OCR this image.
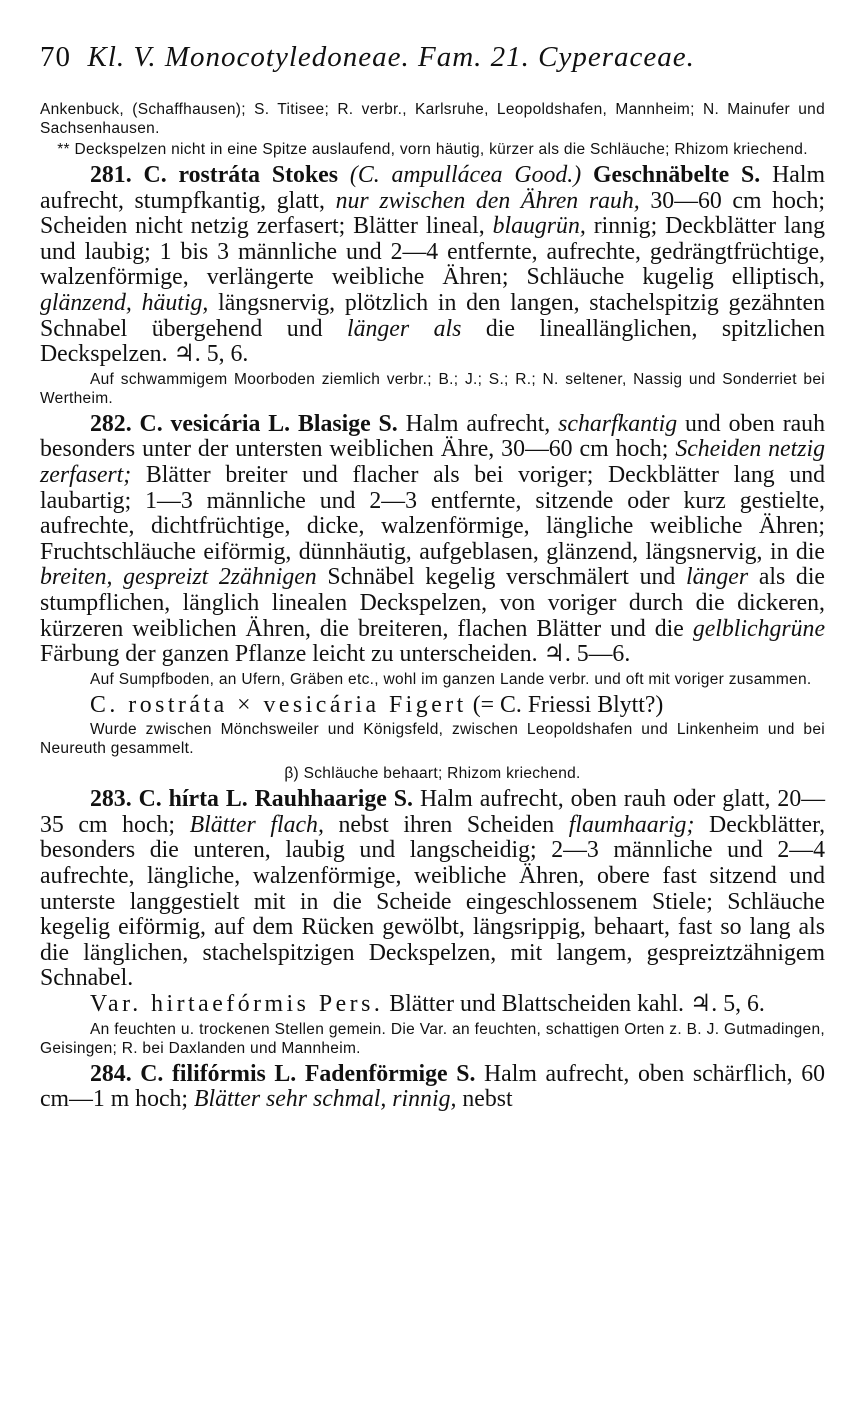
70 Kl. V. Monocotyledoneae. Fam. 21. Cyperaceae.

Ankenbuck, (Schaffhausen); S. Titisee; R. verbr., Karlsruhe, Leopoldshafen, Mannheim; N. Mainufer und Sachsenhausen.

** Deckspelzen nicht in eine Spitze auslaufend, vorn häutig, kürzer als die Schläuche; Rhizom kriechend.

281. C. rostráta Stokes (C. ampullácea Good.) Geschnäbelte S. Halm aufrecht, stumpfkantig, glatt, nur zwischen den Ähren rauh, 30—60 cm hoch; Scheiden nicht netzig zerfasert; Blätter lineal, blaugrün, rinnig; Deckblätter lang und laubig; 1 bis 3 männliche und 2—4 entfernte, aufrechte, gedrängtfrüchtige, walzenförmige, verlängerte weibliche Ähren; Schläuche kugelig elliptisch, glänzend, häutig, längsnervig, plötzlich in den langen, stachelspitzig gezähnten Schnabel übergehend und länger als die lineallänglichen, spitzlichen Deckspelzen. ♃. 5, 6.

Auf schwammigem Moorboden ziemlich verbr.; B.; J.; S.; R.; N. seltener, Nassig und Sonderriet bei Wertheim.

282. C. vesicária L. Blasige S. Halm aufrecht, scharfkantig und oben rauh besonders unter der untersten weiblichen Ähre, 30—60 cm hoch; Scheiden netzig zerfasert; Blätter breiter und flacher als bei voriger; Deckblätter lang und laubartig; 1—3 männliche und 2—3 entfernte, sitzende oder kurz gestielte, aufrechte, dichtfrüchtige, dicke, walzenförmige, längliche weibliche Ähren; Fruchtschläuche eiförmig, dünnhäutig, aufgeblasen, glänzend, längsnervig, in die breiten, gespreizt 2zähnigen Schnäbel kegelig verschmälert und länger als die stumpflichen, länglich linealen Deckspelzen, von voriger durch die dickeren, kürzeren weiblichen Ähren, die breiteren, flachen Blätter und die gelblichgrüne Färbung der ganzen Pflanze leicht zu unterscheiden. ♃. 5—6.

Auf Sumpfboden, an Ufern, Gräben etc., wohl im ganzen Lande verbr. und oft mit voriger zusammen.

C. rostráta × vesicária Figert (= C. Friessi Blytt?)

Wurde zwischen Mönchsweiler und Königsfeld, zwischen Leopoldshafen und Linkenheim und bei Neureuth gesammelt.

β) Schläuche behaart; Rhizom kriechend.

283. C. hírta L. Rauhhaarige S. Halm aufrecht, oben rauh oder glatt, 20—35 cm hoch; Blätter flach, nebst ihren Scheiden flaumhaarig; Deckblätter, besonders die unteren, laubig und langscheidig; 2—3 männliche und 2—4 aufrechte, längliche, walzenförmige, weibliche Ähren, obere fast sitzend und unterste langgestielt mit in die Scheide eingeschlossenem Stiele; Schläuche kegelig eiförmig, auf dem Rücken gewölbt, längsrippig, behaart, fast so lang als die länglichen, stachelspitzigen Deckspelzen, mit langem, gespreiztzähnigem Schnabel.

Var. hirtaefórmis Pers. Blätter und Blattscheiden kahl. ♃. 5, 6.

An feuchten u. trockenen Stellen gemein. Die Var. an feuchten, schattigen Orten z. B. J. Gutmadingen, Geisingen; R. bei Daxlanden und Mannheim.

284. C. filifórmis L. Fadenförmige S. Halm aufrecht, oben schärflich, 60 cm—1 m hoch; Blätter sehr schmal, rinnig, nebst
